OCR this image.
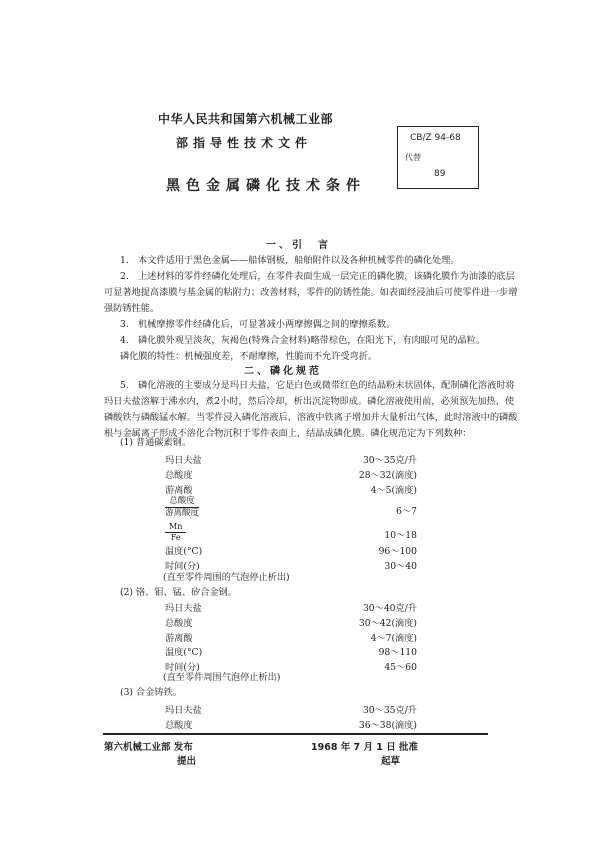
中华人民共和国第六机械工业部
部指导性技术文件
黑色金属磷化技术条件
CB/Z 94-68
代替
89
一、引　言
1.　本文件适用于黑色金属——船体钢板，船舶附件以及各种机械零件的磷化处理。
2.　上述材料的零件经磷化处理后，在零件表面生成一层完正的磷化膜，该磷化膜作为油漆的底层可显著地提高漆膜与基金属的粘附力；改善材料，零件的防锈性能。如表面经浸油后可使零件进一步增强防锈性能。
3.　机械摩擦零件经磷化后，可显著减小两摩擦偶之间的摩擦系数。
4.　磷化膜外观呈淡灰，灰褐色(特殊合金材料)略带棕色，在阳光下，有肉眼可见的晶粒。
磷化膜的特性：机械强度差，不耐摩擦，性脆而不允许受弯折。
二、磷化规范
5.　磷化溶液的主要成分是玛日夫盐，它是白色或微带红色的结晶粉末状固体，配制磷化溶液时将玛日夫盐溶解于沸水内，煮2小时，然后冷却，析出沉淀物即成。磷化溶液使用前，必须预先加热，使磷酸铁与磷酸锰水解。当零件浸入磷化溶液后，溶液中铁离子增加并大量析出气体，此时溶液中的磷酸根与金属离子形成不溶化合物沉积于零件表面上，结晶成磷化膜。磷化规范定为下列数种：
(1) 普通碳素钢。
玛日夫盐	30～35克/升
总酸度	28～32(滴度)
游离酸	4～5(滴度)
总酸度
游离酸度	6～7
$\frac{Mn}{Fe}$	10～18
温度(°C)	96～100
时间(分)	30～40
(直至零件周围的气泡停止析出)
(2) 铬、钼、锰、矽合金钢。
玛日夫盐	30～40克/升
总酸度	30～42(滴度)
游离酸	4～7(滴度)
温度(°C)	98～110
时间(分)	45～60
(直至零件周围气泡停止析出)
(3) 合金铸铁。
玛日夫盐	30～35克/升
总酸度	36～38(滴度)
第六机械工业部 发布
提出
1968 年 7 月 1 日 批准
起草
